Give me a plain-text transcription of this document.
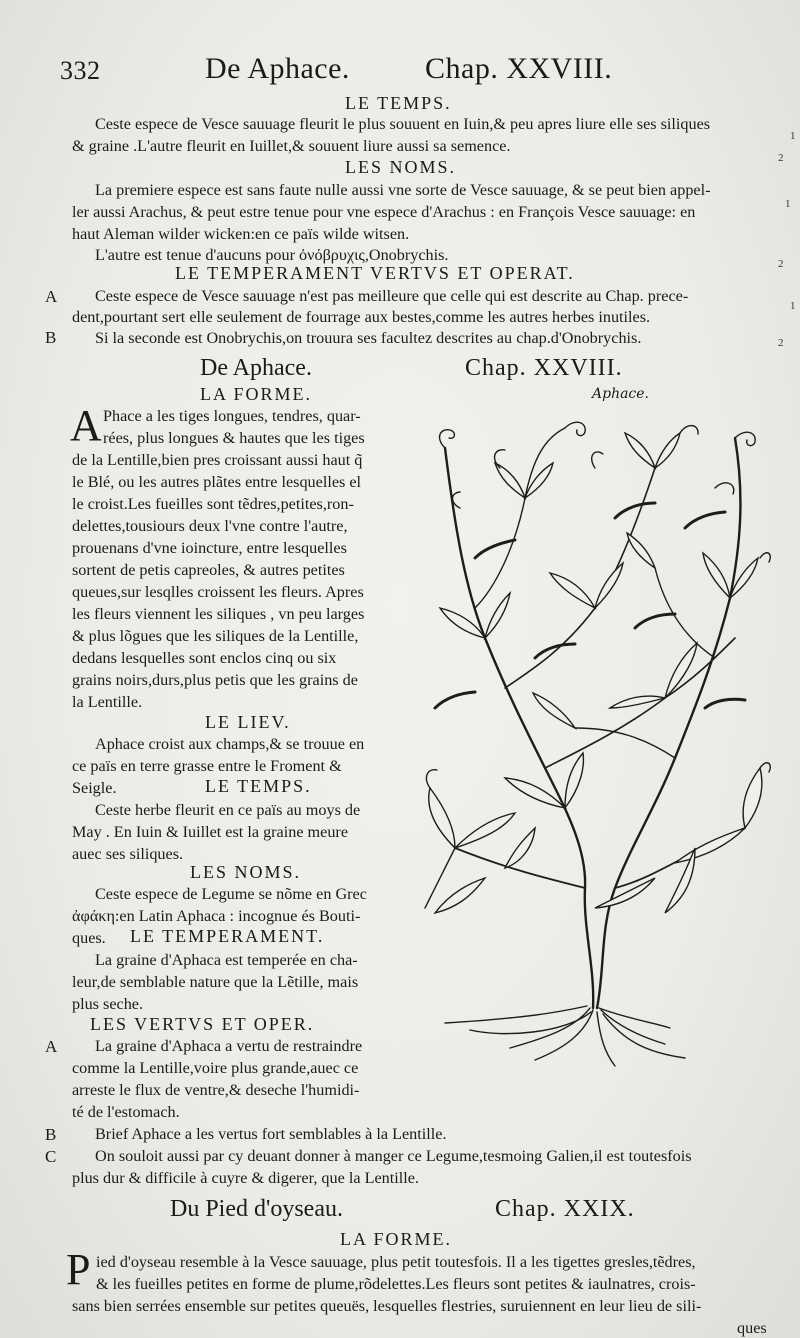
332	De Aphace.	Chap. XXVIII.
LE TEMPS.
Ceste espece de Vesce sauuage fleurit le plus souuent en Iuin,& peu apres liure elle ses siliques
& graine .L'autre fleurit en Iuillet,& souuent liure aussi sa semence.
LES NOMS.
La premiere espece est sans faute nulle aussi vne sorte de Vesce sauuage, & se peut bien appel-
ler aussi Arachus, & peut estre tenue pour vne espece d'Arachus : en François Vesce sauuage: en
haut Aleman wilder wicken:en ce païs wilde witsen.
L'autre est tenue d'aucuns pour ὀνόβρυχις,Onobrychis.
LE TEMPERAMENT VERTVS ET OPERAT.
A Ceste espece de Vesce sauuage n'est pas meilleure que celle qui est descrite au Chap. prece-
dent,pourtant sert elle seulement de fourrage aux bestes,comme les autres herbes inutiles.
B Si la seconde est Onobrychis,on trouura ses facultez descrites au chap.d'Onobrychis.
1
2
1
2
1
2
De Aphace.	Chap. XXVIII.
Aphace.
LA FORME.
A Phace a les tiges longues, tendres, quar-
rées, plus longues & hautes que les tiges
de la Lentille,bien pres croissant aussi haut q̃
le Blé, ou les autres plãtes entre lesquelles el
le croist.Les fueilles sont tẽdres,petites,ron-
delettes,tousiours deux l'vne contre l'autre,
prouenans d'vne ioincture, entre lesquelles
sortent de petis capreoles, & autres petites
queues,sur lesqlles croissent les fleurs. Apres
les fleurs viennent les siliques , vn peu larges
& plus lõgues que les siliques de la Lentille,
dedans lesquelles sont enclos cinq ou six
grains noirs,durs,plus petis que les grains de
la Lentille.
LE LIEV.
Aphace croist aux champs,& se trouue en
ce païs en terre grasse entre le Froment &
Seigle.	LE TEMPS.
Ceste herbe fleurit en ce païs au moys de
May . En Iuin & Iuillet est la graine meure
auec ses siliques.
LES NOMS.
Ceste espece de Legume se nõme en Grec
ἀφάκη:en Latin Aphaca : incognue és Bouti-
ques. LE TEMPERAMENT.
La graine d'Aphaca est temperée en cha-
leur,de semblable nature que la Lẽtille, mais
plus seche.
LES VERTVS ET OPER.
A La graine d'Aphaca a vertu de restraindre
comme la Lentille,voire plus grande,auec ce
arreste le flux de ventre,& deseche l'humidi-
té de l'estomach.
B Brief Aphace a les vertus fort semblables à la Lentille.
C On souloit aussi par cy deuant donner à manger ce Legume,tesmoing Galien,il est toutesfois
plus dur & difficile à cuyre & digerer, que la Lentille.
Du Pied d'oyseau.	Chap. XXIX.
LA FORME.
P ied d'oyseau resemble à la Vesce sauuage, plus petit toutesfois. Il a les tigettes gresles,tẽdres,
& les fueilles petites en forme de plume,rõdelettes.Les fleurs sont petites & iaulnatres, crois-
sans bien serrées ensemble sur petites queuës, lesquelles flestries, suruiennent en leur lieu de sili-
ques
